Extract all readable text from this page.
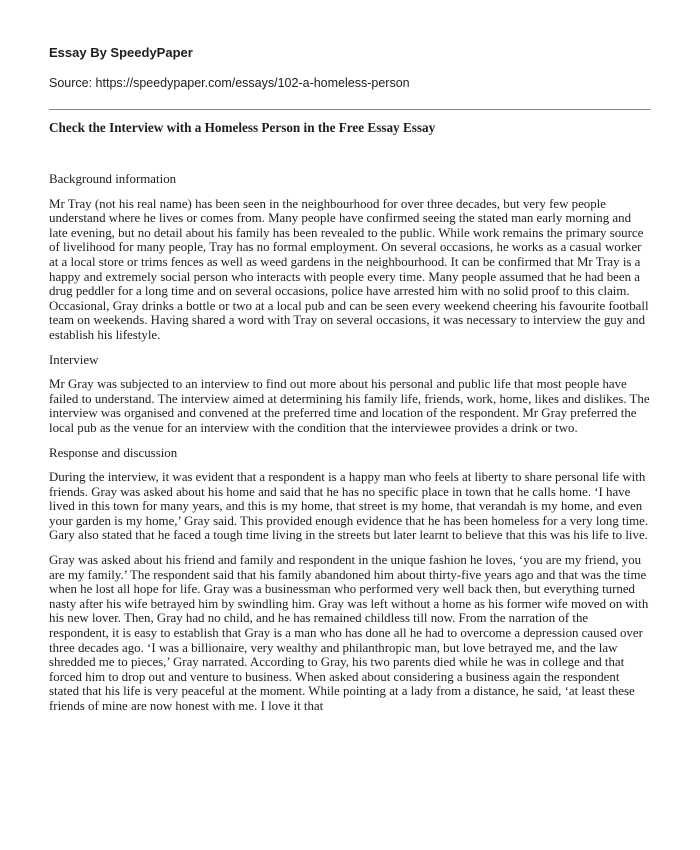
Essay By SpeedyPaper

Source: https://speedypaper.com/essays/102-a-homeless-person

Check the Interview with a Homeless Person in the Free Essay Essay
Background information

Mr Tray (not his real name) has been seen in the neighbourhood for over three decades, but very few people understand where he lives or comes from. Many people have confirmed seeing the stated man early morning and late evening, but no detail about his family has been revealed to the public. While work remains the primary source of livelihood for many people, Tray has no formal employment. On several occasions, he works as a casual worker at a local store or trims fences as well as weed gardens in the neighbourhood. It can be confirmed that Mr Tray is a happy and extremely social person who interacts with people every time. Many people assumed that he had been a drug peddler for a long time and on several occasions, police have arrested him with no solid proof to this claim. Occasional, Gray drinks a bottle or two at a local pub and can be seen every weekend cheering his favourite football team on weekends. Having shared a word with Tray on several occasions, it was necessary to interview the guy and establish his lifestyle.

Interview

Mr Gray was subjected to an interview to find out more about his personal and public life that most people have failed to understand. The interview aimed at determining his family life, friends, work, home, likes and dislikes. The interview was organised and convened at the preferred time and location of the respondent. Mr Gray preferred the local pub as the venue for an interview with the condition that the interviewee provides a drink or two.

Response and discussion

During the interview, it was evident that a respondent is a happy man who feels at liberty to share personal life with friends. Gray was asked about his home and said that he has no specific place in town that he calls home. ‘I have lived in this town for many years, and this is my home, that street is my home, that verandah is my home, and even your garden is my home,’ Gray said. This provided enough evidence that he has been homeless for a very long time. Gary also stated that he faced a tough time living in the streets but later learnt to believe that this was his life to live.

Gray was asked about his friend and family and respondent in the unique fashion he loves, ‘you are my friend, you are my family.’ The respondent said that his family abandoned him about thirty-five years ago and that was the time when he lost all hope for life. Gray was a businessman who performed very well back then, but everything turned nasty after his wife betrayed him by swindling him. Gray was left without a home as his former wife moved on with his new lover. Then, Gray had no child, and he has remained childless till now. From the narration of the respondent, it is easy to establish that Gray is a man who has done all he had to overcome a depression caused over three decades ago. ‘I was a billionaire, very wealthy and philanthropic man, but love betrayed me, and the law shredded me to pieces,’ Gray narrated. According to Gray, his two parents died while he was in college and that forced him to drop out and venture to business. When asked about considering a business again the respondent stated that his life is very peaceful at the moment. While pointing at a lady from a distance, he said, ‘at least these friends of mine are now honest with me. I love it that
